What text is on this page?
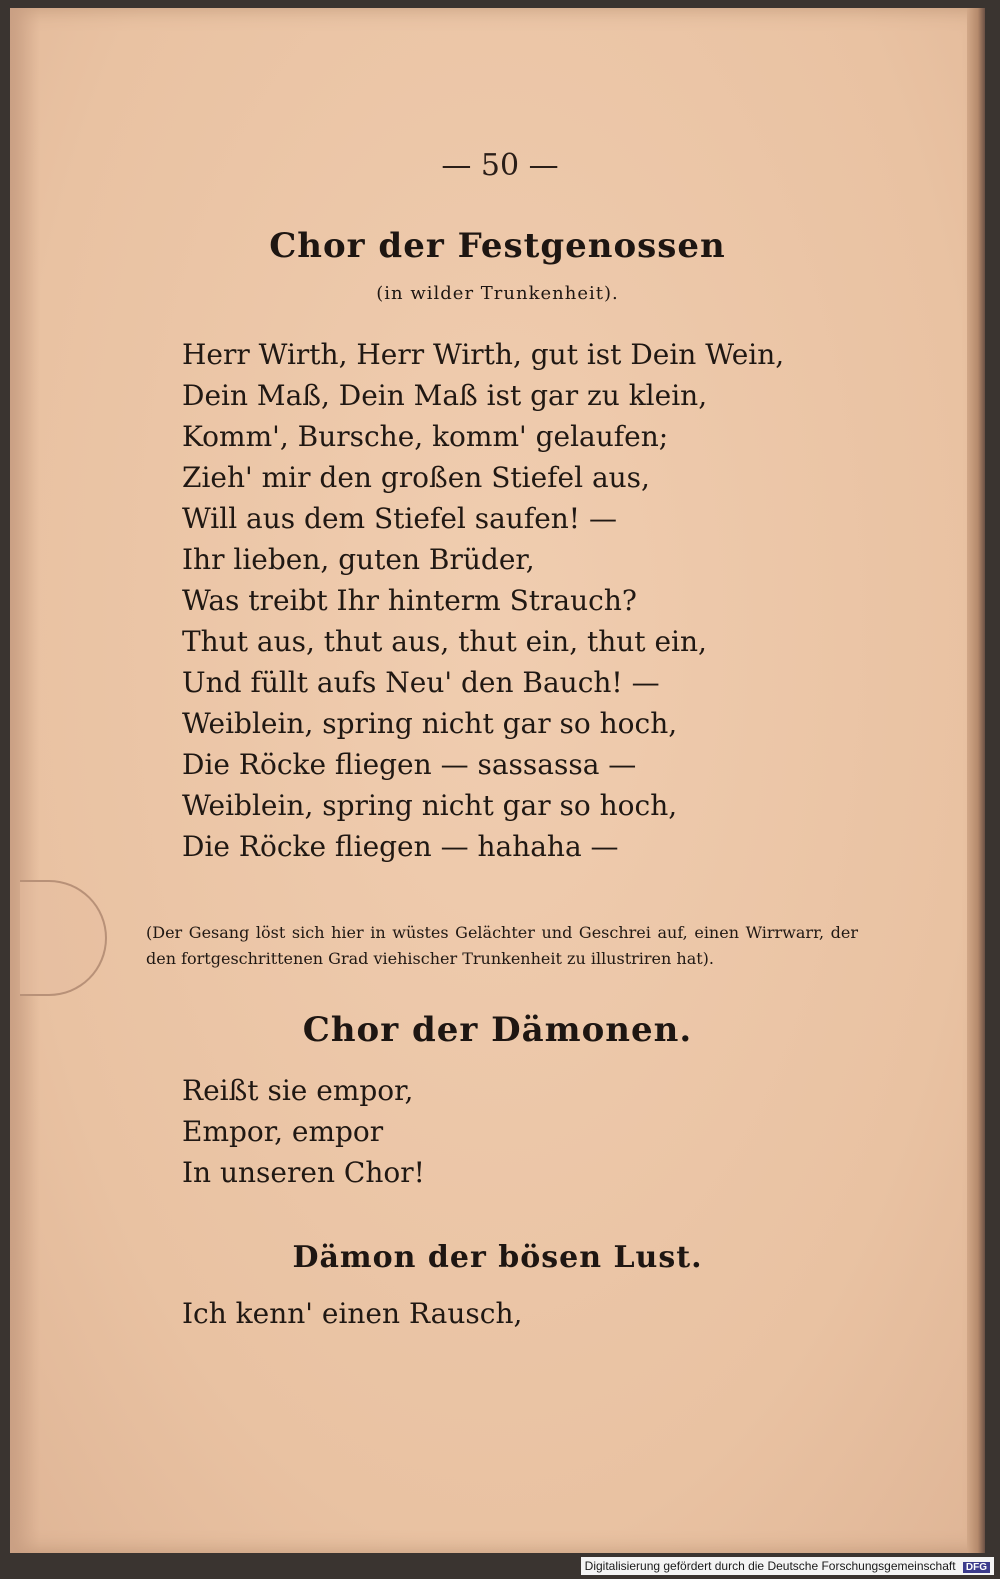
— 50 —
Chor der Festgenossen
(in wilder Trunkenheit).
Herr Wirth, Herr Wirth, gut ist Dein Wein,
Dein Maß, Dein Maß ist gar zu klein,
Komm', Bursche, komm' gelaufen;
Zieh' mir den großen Stiefel aus,
Will aus dem Stiefel saufen! —
Ihr lieben, guten Brüder,
Was treibt Ihr hinterm Strauch?
Thut aus, thut aus, thut ein, thut ein,
Und füllt aufs Neu' den Bauch! —
Weiblein, spring nicht gar so hoch,
Die Röcke fliegen — sassassa —
Weiblein, spring nicht gar so hoch,
Die Röcke fliegen — hahaha —
(Der Gesang löst sich hier in wüstes Gelächter und Geschrei auf, einen Wirrwarr, der den fortgeschrittenen Grad viehischer Trunkenheit zu illustriren hat).
Chor der Dämonen.
Reißt sie empor,
Empor, empor
In unseren Chor!
Dämon der bösen Lust.
Ich kenn' einen Rausch,
Digitalisierung gefördert durch die Deutsche Forschungsgemeinschaft DFG
